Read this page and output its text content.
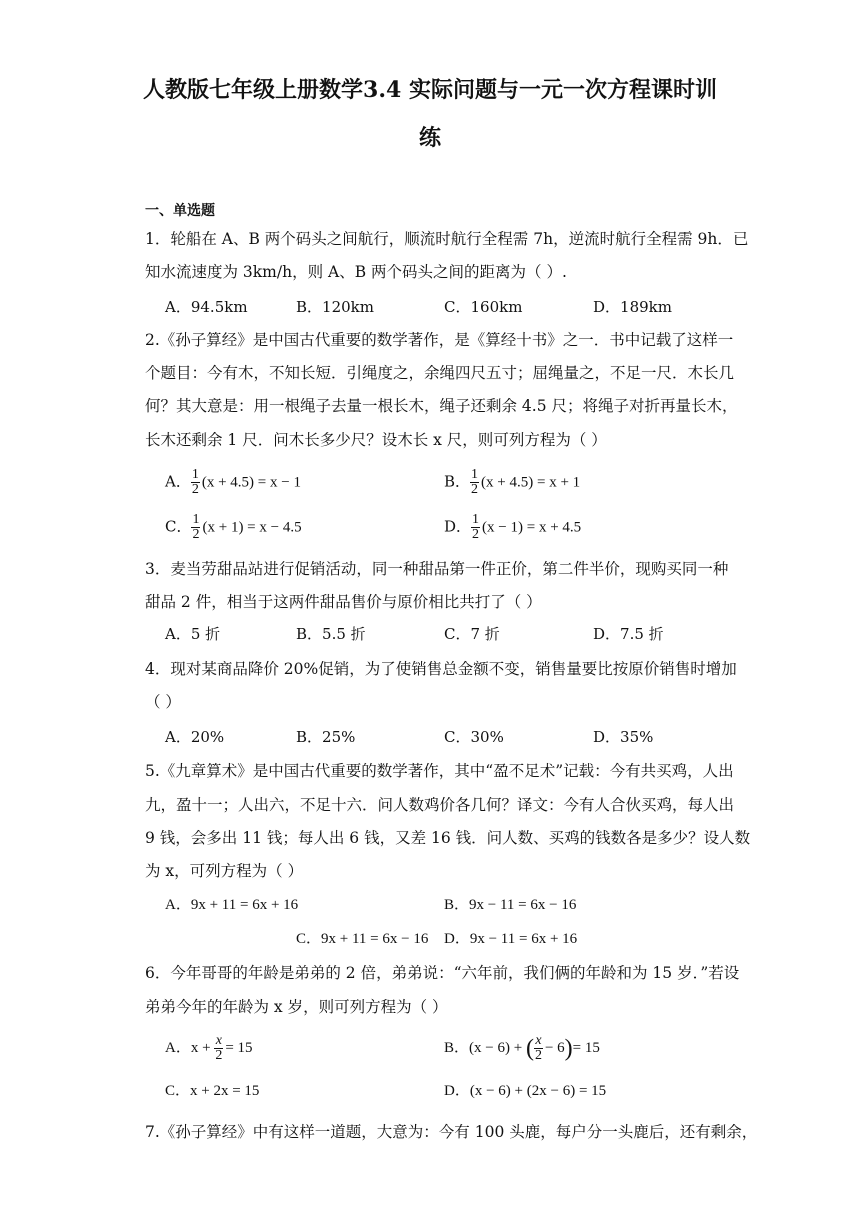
人教版七年级上册数学3.4 实际问题与一元一次方程课时训
练
一、单选题
1．轮船在 A、B 两个码头之间航行，顺流时航行全程需 7h，逆流时航行全程需 9h．已
知水流速度为 3km/h，则 A、B 两个码头之间的距离为（ ）.
A．94.5km	B．120km	C．160km	D．189km
2.《孙子算经》是中国古代重要的数学著作，是《算经十书》之一．书中记载了这样一
个题目：今有木，不知长短．引绳度之，余绳四尺五寸；屈绳量之，不足一尺．木长几
何？其大意是：用一根绳子去量一根长木，绳子还剩余 4.5 尺；将绳子对折再量长木，
长木还剩余 1 尺．问木长多少尺？设木长 x 尺，则可列方程为（ ）
A． $\frac{1}{2} (x + 4.5) = x - 1$	B． $\frac{1}{2} (x + 4.5) = x + 1$
C． $\frac{1}{2} (x + 1) = x - 4.5$	D． $\frac{1}{2} (x - 1) = x + 4.5$
3．麦当劳甜品站进行促销活动，同一种甜品第一件正价，第二件半价，现购买同一种
甜品 2 件，相当于这两件甜品售价与原价相比共打了（ ）
A．5 折	B．5.5 折	C．7 折	D．7.5 折
4．现对某商品降价 20%促销，为了使销售总金额不变，销售量要比按原价销售时增加
（ ）
A．20%	B．25%	C．30%	D．35%
5.《九章算术》是中国古代重要的数学著作，其中“盈不足术”记载：今有共买鸡，人出
九，盈十一；人出六，不足十六．问人数鸡价各几何？译文：今有人合伙买鸡，每人出
9 钱，会多出 11 钱；每人出 6 钱，又差 16 钱．问人数、买鸡的钱数各是多少？设人数
为 x，可列方程为（ ）
A．9x + 11 = 6x + 16	B．9x − 11 = 6x − 16
C．9x + 11 = 6x − 16 D．9x − 11 = 6x + 16
6．今年哥哥的年龄是弟弟的 2 倍，弟弟说：“六年前，我们俩的年龄和为 15 岁．”若设
弟弟今年的年龄为 x 岁，则可列方程为（ ）
A．$x + \frac{x}{2} = 15$	B．(x − 6) + ( $\frac{x}{2} - 6)= 15$
C．x + 2x = 15	D．(x − 6) + (2x − 6) = 15
7.《孙子算经》中有这样一道题，大意为：今有 100 头鹿，每户分一头鹿后，还有剩余，
